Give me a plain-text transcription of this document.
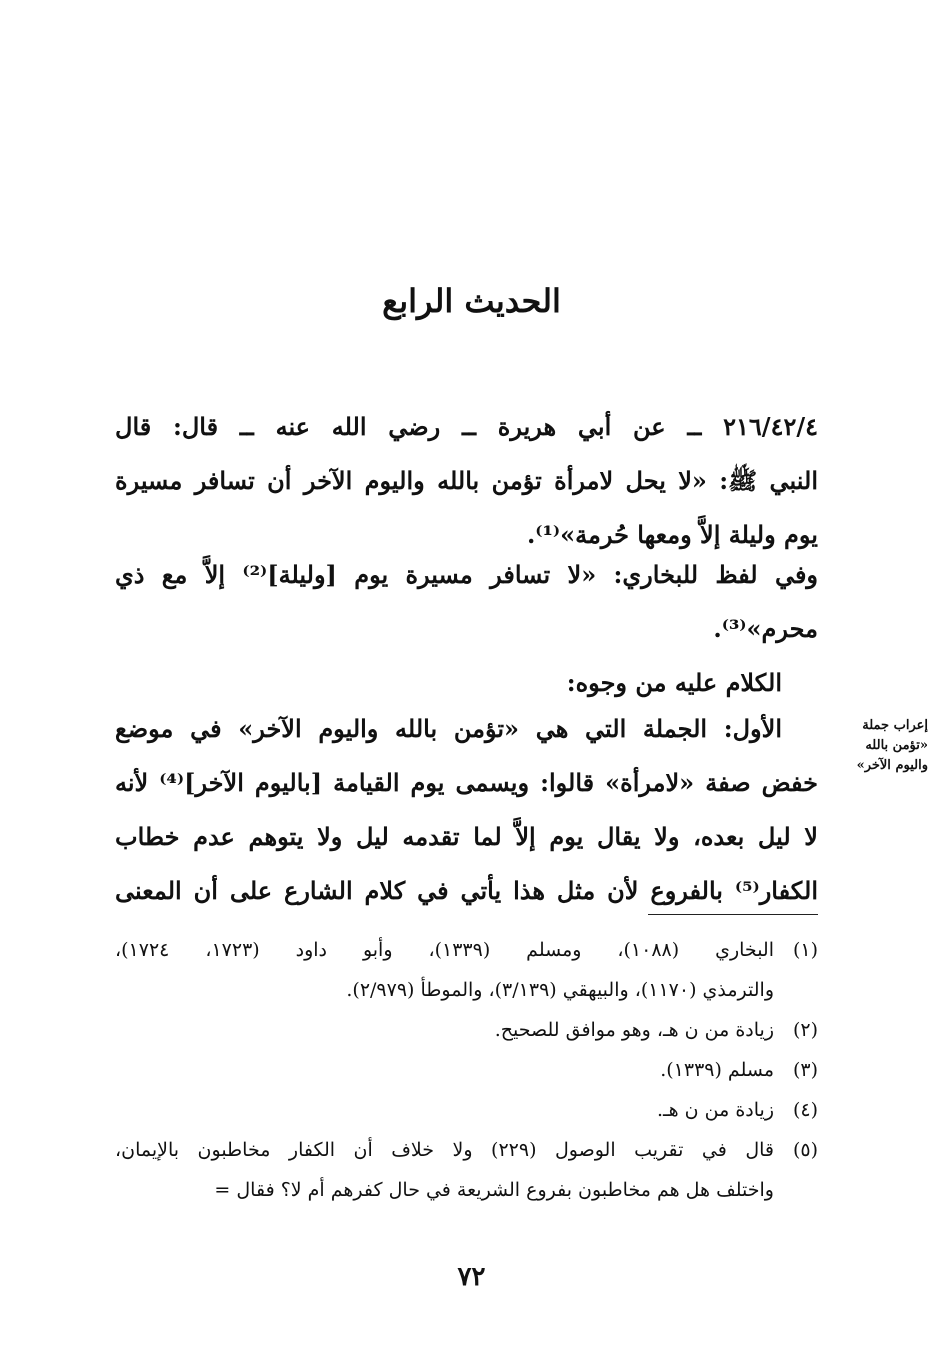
الحديث الرابع
٢١٦/٤٢/٤ ــ عن أبي هريرة ــ رضي الله عنه ــ قال: قال
النبي ﷺ: «لا يحل لامرأة تؤمن بالله واليوم الآخر أن تسافر مسيرة
يوم وليلة إلاَّ ومعها حُرمة»⁽¹⁾.
وفي لفظ للبخاري: «لا تسافر مسيرة يوم [وليلة]⁽²⁾ إلاَّ مع ذي
محرم»⁽³⁾.
الكلام عليه من وجوه:
الأول: الجملة التي هي «تؤمن بالله واليوم الآخر» في موضع
خفض صفة «لامرأة» قالوا: ويسمى يوم القيامة [باليوم الآخر]⁽⁴⁾ لأنه
لا ليل بعده، ولا يقال يوم إلاَّ لما تقدمه ليل ولا يتوهم عدم خطاب
الكفار⁽⁵⁾ بالفروع لأن مثل هذا يأتي في كلام الشارع على أن المعنى
إعراب جملة
«تؤمن بالله
واليوم الآخر»
(١)
البخاري (١٠٨٨)، ومسلم (١٣٣٩)، وأبو داود (١٧٢٣، ١٧٢٤)،
والترمذي (١١٧٠)، والبيهقي (٣/١٣٩)، والموطأ (٢/٩٧٩).
(٢)
زيادة من ن هـ، وهو موافق للصحيح.
(٣)
مسلم (١٣٣٩).
(٤)
زيادة من ن هـ.
(٥)
قال في تقريب الوصول (٢٢٩) ولا خلاف أن الكفار مخاطبون بالإيمان،
واختلف هل هم مخاطبون بفروع الشريعة في حال كفرهم أم لا؟ فقال =
٧٢
